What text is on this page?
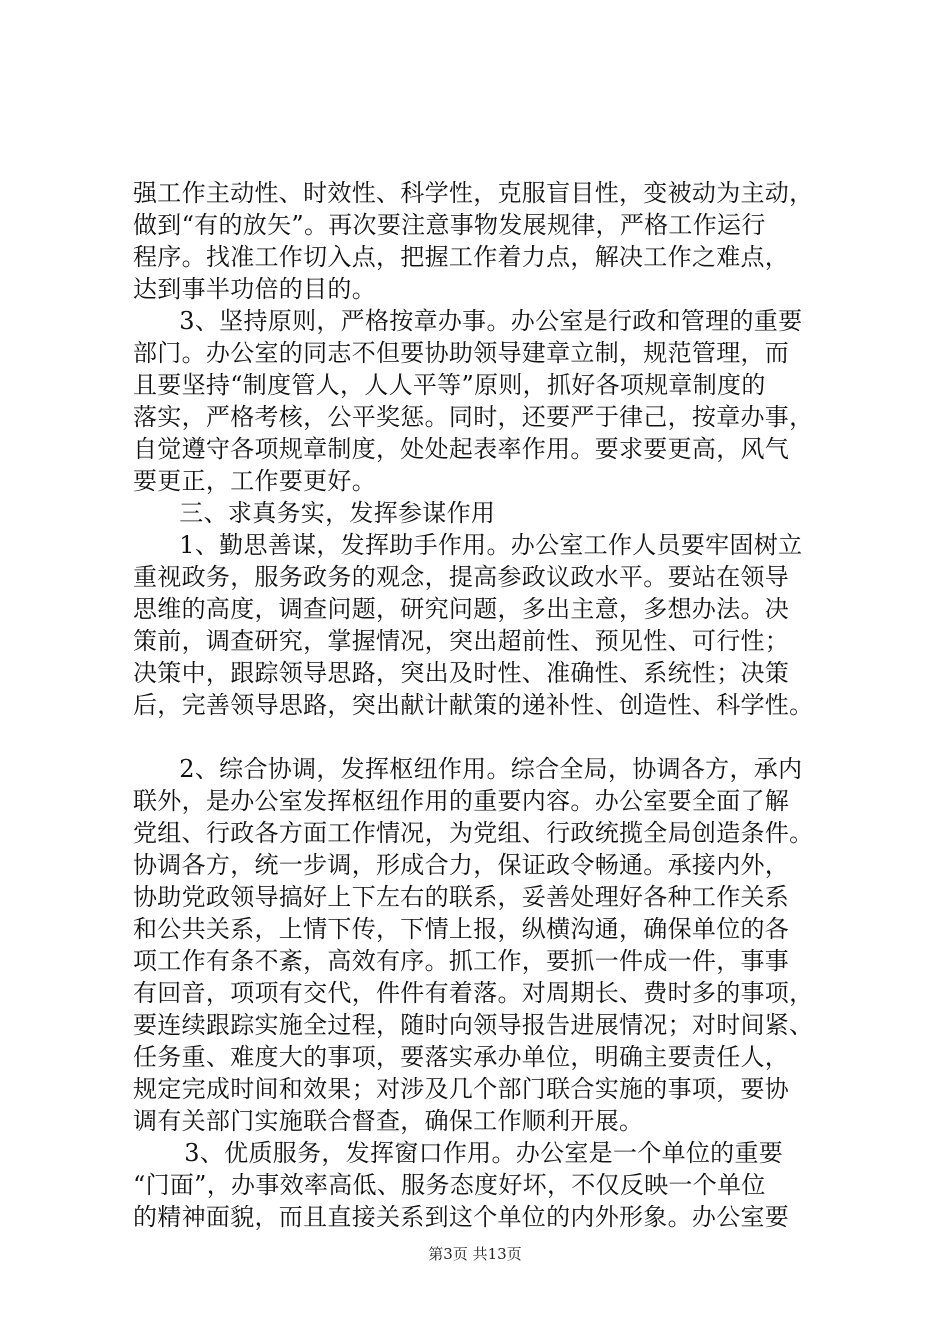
强工作主动性、时效性、科学性，克服盲目性，变被动为主动，
做到“有的放矢”。再次要注意事物发展规律，严格工作运行
程序。找准工作切入点，把握工作着力点，解决工作之难点，
达到事半功倍的目的。
　3、坚持原则，严格按章办事。办公室是行政和管理的重要
部门。办公室的同志不但要协助领导建章立制，规范管理，而
且要坚持“制度管人，人人平等”原则，抓好各项规章制度的
落实，严格考核，公平奖惩。同时，还要严于律己，按章办事，
自觉遵守各项规章制度，处处起表率作用。要求要更高，风气
要更正，工作要更好。
　三、求真务实，发挥参谋作用
　1、勤思善谋，发挥助手作用。办公室工作人员要牢固树立
重视政务，服务政务的观念，提高参政议政水平。要站在领导
思维的高度，调查问题，研究问题，多出主意，多想办法。决
策前，调查研究，掌握情况，突出超前性、预见性、可行性；
决策中，跟踪领导思路，突出及时性、准确性、系统性；决策
后，完善领导思路，突出献计献策的递补性、创造性、科学性。
　2、综合协调，发挥枢纽作用。综合全局，协调各方，承内
联外，是办公室发挥枢纽作用的重要内容。办公室要全面了解
党组、行政各方面工作情况，为党组、行政统揽全局创造条件。
协调各方，统一步调，形成合力，保证政令畅通。承接内外，
协助党政领导搞好上下左右的联系，妥善处理好各种工作关系
和公共关系，上情下传，下情上报，纵横沟通，确保单位的各
项工作有条不紊，高效有序。抓工作，要抓一件成一件，事事
有回音，项项有交代，件件有着落。对周期长、费时多的事项，
要连续跟踪实施全过程，随时向领导报告进展情况；对时间紧、
任务重、难度大的事项，要落实承办单位，明确主要责任人，
规定完成时间和效果；对涉及几个部门联合实施的事项，要协
调有关部门实施联合督查，确保工作顺利开展。
　3、优质服务，发挥窗口作用。办公室是一个单位的重要
“门面”，办事效率高低、服务态度好坏，不仅反映一个单位
的精神面貌，而且直接关系到这个单位的内外形象。办公室要
第3页 共13页
